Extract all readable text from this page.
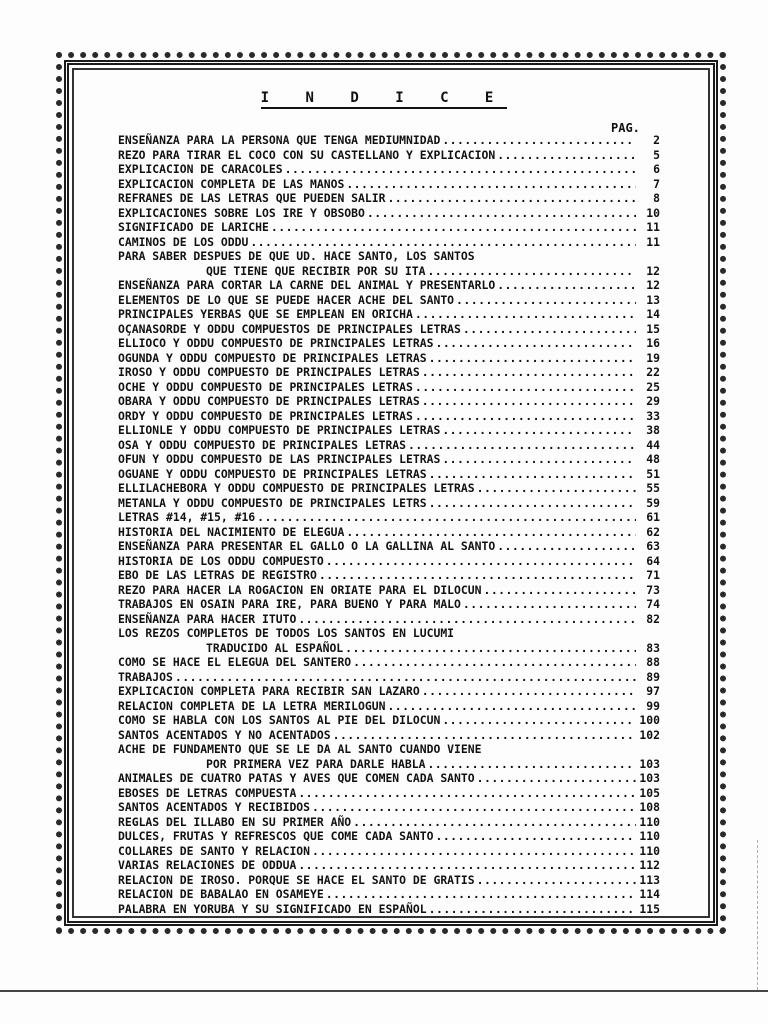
I N D I C E
PAG.
ENSEÑANZA PARA LA PERSONA QUE TENGA MEDIUMNIDAD .....	2
REZO PARA TIRAR EL COCO CON SU CASTELLANO Y EXPLICACION .....	5
EXPLICACION DE CARACOLES .....	6
EXPLICACION COMPLETA DE LAS MANOS .....	7
REFRANES DE LAS LETRAS QUE PUEDEN SALIR .....	8
EXPLICACIONES SOBRE LOS IRE Y OBSOBO .....	10
SIGNIFICADO DE LARICHE .....	11
CAMINOS DE LOS ODDU .....	11
PARA SABER DESPUES DE QUE UD. HACE SANTO, LOS SANTOS
QUE TIENE QUE RECIBIR POR SU ITA .....	12
ENSEÑANZA PARA CORTAR LA CARNE DEL ANIMAL Y PRESENTARLO .....	12
ELEMENTOS DE LO QUE SE PUEDE HACER ACHE DEL SANTO .....	13
PRINCIPALES YERBAS QUE SE EMPLEAN EN ORICHA .....	14
OÇANASORDE Y ODDU COMPUESTOS DE PRINCIPALES LETRAS .....	15
ELLIOCO Y ODDU COMPUESTO DE PRINCIPALES LETRAS .....	16
OGUNDA Y ODDU COMPUESTO DE PRINCIPALES LETRAS .....	19
IROSO Y ODDU COMPUESTO DE PRINCIPALES LETRAS .....	22
OCHE Y ODDU COMPUESTO DE PRINCIPALES LETRAS .....	25
OBARA Y ODDU COMPUESTO DE PRINCIPALES LETRAS .....	29
ORDY Y ODDU COMPUESTO DE PRINCIPALES LETRAS .....	33
ELLIONLE Y ODDU COMPUESTO DE PRINCIPALES LETRAS .....	38
OSA Y ODDU COMPUESTO DE PRINCIPALES LETRAS .....	44
OFUN Y ODDU COMPUESTO DE LAS PRINCIPALES LETRAS .....	48
OGUANE Y ODDU COMPUESTO DE PRINCIPALES LETRAS .....	51
ELLILACHEBORA Y ODDU COMPUESTO DE PRINCIPALES LETRAS .....	55
METANLA Y ODDU COMPUESTO DE PRINCIPALES LETRS .....	59
LETRAS #14, #15, #16 .....	61
HISTORIA DEL NACIMIENTO DE ELEGUA .....	62
ENSEÑANZA PARA PRESENTAR EL GALLO O LA GALLINA AL SANTO .....	63
HISTORIA DE LOS ODDU COMPUESTO .....	64
EBO DE LAS LETRAS DE REGISTRO .....	71
REZO PARA HACER LA ROGACION EN ORIATE PARA EL DILOCUN .....	73
TRABAJOS EN OSAIN PARA IRE, PARA BUENO Y PARA MALO .....	74
ENSEÑANZA PARA HACER ITUTO .....	82
LOS REZOS COMPLETOS DE TODOS LOS SANTOS EN LUCUMI
TRADUCIDO AL ESPAÑOL .....	83
COMO SE HACE EL ELEGUA DEL SANTERO .....	88
TRABAJOS .....	89
EXPLICACION COMPLETA PARA RECIBIR SAN LAZARO .....	97
RELACION COMPLETA DE LA LETRA MERILOGUN .....	99
COMO SE HABLA CON LOS SANTOS AL PIE DEL DILOCUN .....	100
SANTOS ACENTADOS Y NO ACENTADOS .....	102
ACHE DE FUNDAMENTO QUE SE LE DA AL SANTO CUANDO VIENE
POR PRIMERA VEZ PARA DARLE HABLA .....	103
ANIMALES DE CUATRO PATAS Y AVES QUE COMEN CADA SANTO .....	103
EBOSES DE LETRAS COMPUESTA .....	105
SANTOS ACENTADOS Y RECIBIDOS .....	108
REGLAS DEL ILLABO EN SU PRIMER AÑO .....	110
DULCES, FRUTAS Y REFRESCOS QUE COME CADA SANTO .....	110
COLLARES DE SANTO Y RELACION .....	110
VARIAS RELACIONES DE ODDUA .....	112
RELACION DE IROSO. PORQUE SE HACE EL SANTO DE GRATIS .....	113
RELACION DE BABALAO EN OSAMEYE .....	114
PALABRA EN YORUBA Y SU SIGNIFICADO EN ESPAÑOL .....	115
